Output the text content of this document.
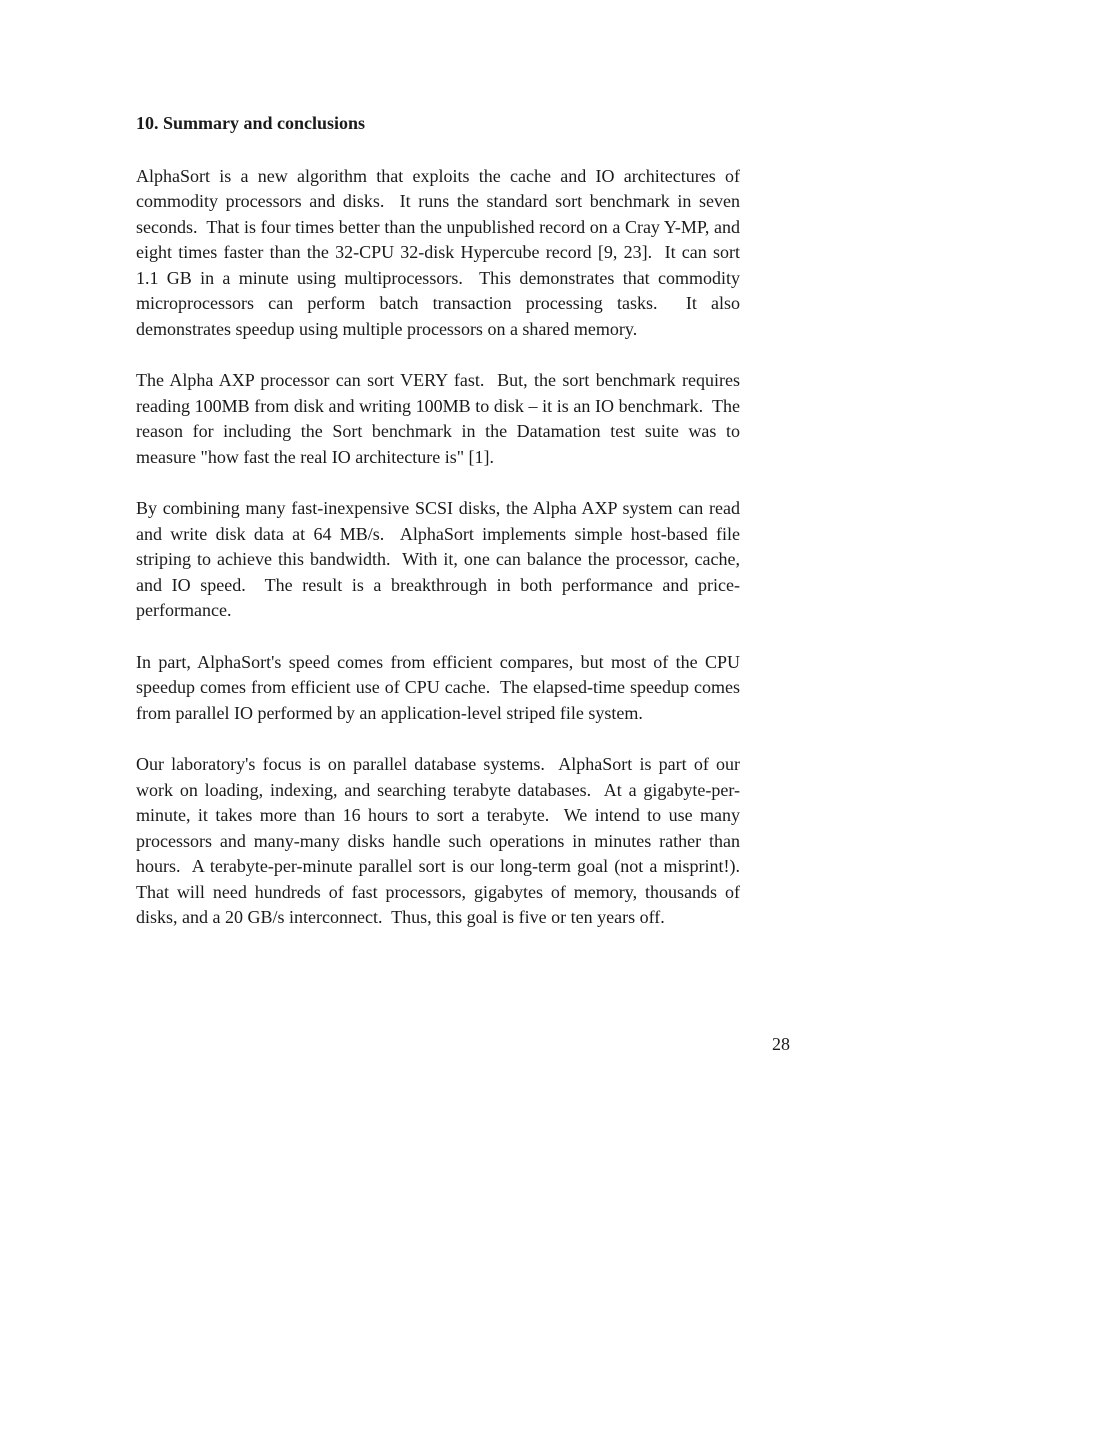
10. Summary and conclusions

AlphaSort is a new algorithm that exploits the cache and IO architectures of commodity processors and disks.  It runs the standard sort benchmark in seven seconds.  That is four times better than the unpublished record on a Cray Y-MP, and eight times faster than the 32-CPU 32-disk Hypercube record [9, 23].  It can sort 1.1 GB in a minute using multiprocessors.  This demonstrates that commodity microprocessors can perform batch transaction processing tasks.  It also demonstrates speedup using multiple processors on a shared memory.

The Alpha AXP processor can sort VERY fast.  But, the sort benchmark requires reading 100MB from disk and writing 100MB to disk – it is an IO benchmark.  The reason for including the Sort benchmark in the Datamation test suite was to measure "how fast the real IO architecture is" [1].

By combining many fast-inexpensive SCSI disks, the Alpha AXP system can read and write disk data at 64 MB/s.  AlphaSort implements simple host-based file striping to achieve this bandwidth.  With it, one can balance the processor, cache, and IO speed.  The result is a breakthrough in both performance and price-performance.

In part, AlphaSort's speed comes from efficient compares, but most of the CPU speedup comes from efficient use of CPU cache.  The elapsed-time speedup comes from parallel IO performed by an application-level striped file system.

Our laboratory's focus is on parallel database systems.  AlphaSort is part of our work on loading, indexing, and searching terabyte databases.  At a gigabyte-per-minute, it takes more than 16 hours to sort a terabyte.  We intend to use many processors and many-many disks handle such operations in minutes rather than hours.  A terabyte-per-minute parallel sort is our long-term goal (not a misprint!).  That will need hundreds of fast processors, gigabytes of memory, thousands of disks, and a 20 GB/s interconnect.  Thus, this goal is five or ten years off.

28
